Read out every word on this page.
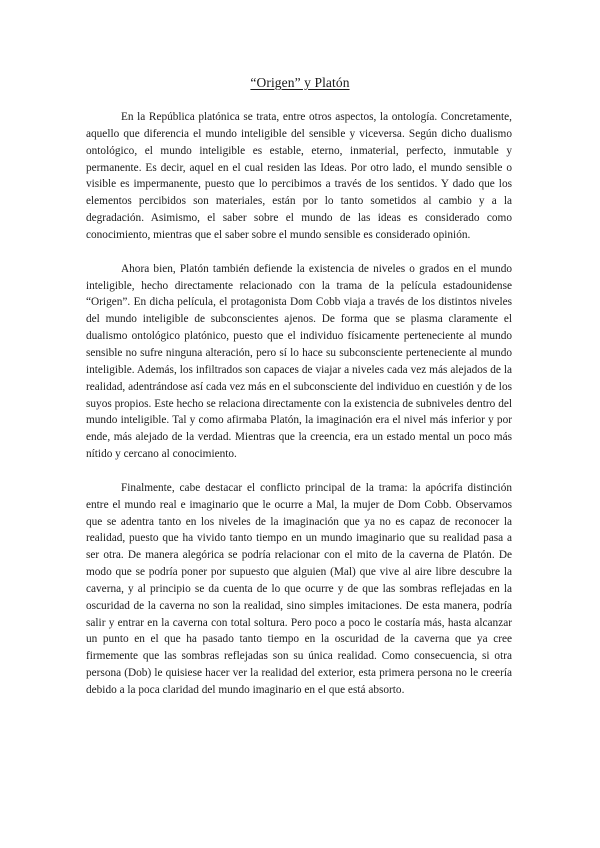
“Origen” y Platón

En la República platónica se trata, entre otros aspectos, la ontología. Concretamente, aquello que diferencia el mundo inteligible del sensible y viceversa. Según dicho dualismo ontológico, el mundo inteligible es estable, eterno, inmaterial, perfecto, inmutable y permanente. Es decir, aquel en el cual residen las Ideas. Por otro lado, el mundo sensible o visible es impermanente, puesto que lo percibimos a través de los sentidos. Y dado que los elementos percibidos son materiales, están por lo tanto sometidos al cambio y a la degradación. Asimismo, el saber sobre el mundo de las ideas es considerado como conocimiento, mientras que el saber sobre el mundo sensible es considerado opinión.

Ahora bien, Platón también defiende la existencia de niveles o grados en el mundo inteligible, hecho directamente relacionado con la trama de la película estadounidense “Origen”. En dicha película, el protagonista Dom Cobb viaja a través de los distintos niveles del mundo inteligible de subconscientes ajenos. De forma que se plasma claramente el dualismo ontológico platónico, puesto que el individuo físicamente perteneciente al mundo sensible no sufre ninguna alteración, pero sí lo hace su subconsciente perteneciente al mundo inteligible. Además, los infiltrados son capaces de viajar a niveles cada vez más alejados de la realidad, adentrándose así cada vez más en el subconsciente del individuo en cuestión y de los suyos propios. Este hecho se relaciona directamente con la existencia de subniveles dentro del mundo inteligible. Tal y como afirmaba Platón, la imaginación era el nivel más inferior y por ende, más alejado de la verdad. Mientras que la creencia, era un estado mental un poco más nítido y cercano al conocimiento.

Finalmente, cabe destacar el conflicto principal de la trama: la apócrifa distinción entre el mundo real e imaginario que le ocurre a Mal, la mujer de Dom Cobb. Observamos que se adentra tanto en los niveles de la imaginación que ya no es capaz de reconocer la realidad, puesto que ha vivido tanto tiempo en un mundo imaginario que su realidad pasa a ser otra. De manera alegórica se podría relacionar con el mito de la caverna de Platón. De modo que se podría poner por supuesto que alguien (Mal) que vive al aire libre descubre la caverna, y al principio se da cuenta de lo que ocurre y de que las sombras reflejadas en la oscuridad de la caverna no son la realidad, sino simples imitaciones. De esta manera, podría salir y entrar en la caverna con total soltura. Pero poco a poco le costaría más, hasta alcanzar un punto en el que ha pasado tanto tiempo en la oscuridad de la caverna que ya cree firmemente que las sombras reflejadas son su única realidad. Como consecuencia, si otra persona (Dob) le quisiese hacer ver la realidad del exterior, esta primera persona no le creería debido a la poca claridad del mundo imaginario en el que está absorto.
